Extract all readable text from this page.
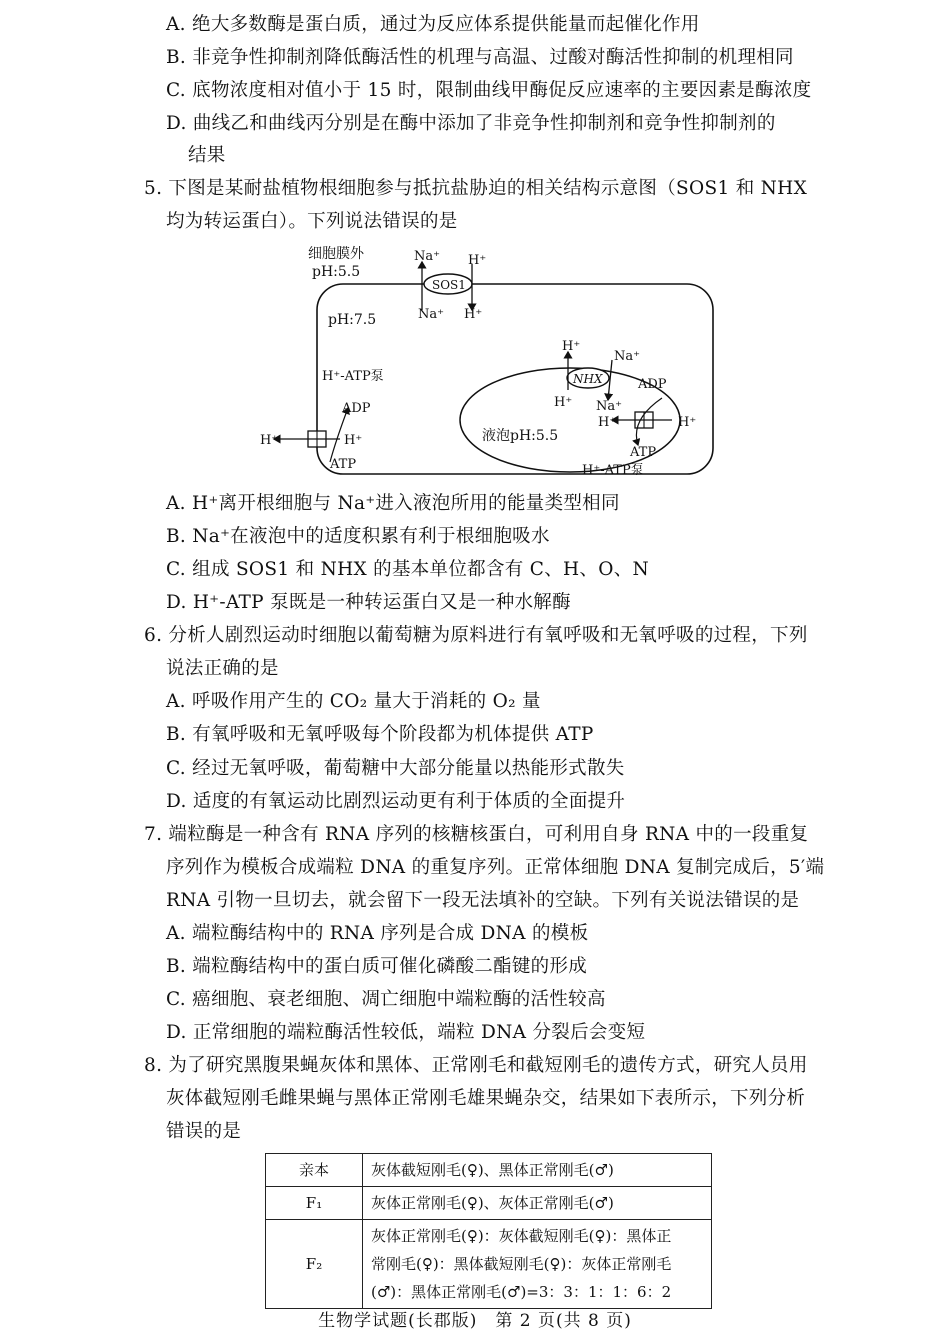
A. 绝大多数酶是蛋白质，通过为反应体系提供能量而起催化作用
B. 非竞争性抑制剂降低酶活性的机理与高温、过酸对酶活性抑制的机理相同
C. 底物浓度相对值小于 15 时，限制曲线甲酶促反应速率的主要因素是酶浓度
D. 曲线乙和曲线丙分别是在酶中添加了非竞争性抑制剂和竞争性抑制剂的
结果
5. 下图是某耐盐植物根细胞参与抵抗盐胁迫的相关结构示意图（SOS1 和 NHX
均为转运蛋白）。下列说法错误的是
细胞膜外
pH:5.5
pH:7.5
SOS1
Na⁺ H⁺
Na⁺ H⁺
液泡pH:5.5
NHX
H⁺
Na⁺
H⁺ Na⁺
H⁺	H⁺
H⁺-ATP泵
ADP
ATP
H⁺
H⁺
ADP
ATP
H⁺-ATP泵
A. H⁺离开根细胞与 Na⁺进入液泡所用的能量类型相同
B. Na⁺在液泡中的适度积累有利于根细胞吸水
C. 组成 SOS1 和 NHX 的基本单位都含有 C、H、O、N
D. H⁺-ATP 泵既是一种转运蛋白又是一种水解酶
6. 分析人剧烈运动时细胞以葡萄糖为原料进行有氧呼吸和无氧呼吸的过程，下列
说法正确的是
A. 呼吸作用产生的 CO₂ 量大于消耗的 O₂ 量
B. 有氧呼吸和无氧呼吸每个阶段都为机体提供 ATP
C. 经过无氧呼吸，葡萄糖中大部分能量以热能形式散失
D. 适度的有氧运动比剧烈运动更有利于体质的全面提升
7. 端粒酶是一种含有 RNA 序列的核糖核蛋白，可利用自身 RNA 中的一段重复
序列作为模板合成端粒 DNA 的重复序列。正常体细胞 DNA 复制完成后，5′端
RNA 引物一旦切去，就会留下一段无法填补的空缺。下列有关说法错误的是
A. 端粒酶结构中的 RNA 序列是合成 DNA 的模板
B. 端粒酶结构中的蛋白质可催化磷酸二酯键的形成
C. 癌细胞、衰老细胞、凋亡细胞中端粒酶的活性较高
D. 正常细胞的端粒酶活性较低，端粒 DNA 分裂后会变短
8. 为了研究黑腹果蝇灰体和黑体、正常刚毛和截短刚毛的遗传方式，研究人员用
灰体截短刚毛雌果蝇与黑体正常刚毛雄果蝇杂交，结果如下表所示，下列分析
错误的是
亲本	灰体截短刚毛(♀)、黑体正常刚毛(♂)
F₁	灰体正常刚毛(♀)、灰体正常刚毛(♂)
F₂	灰体正常刚毛(♀)：灰体截短刚毛(♀)：黑体正
常刚毛(♀)：黑体截短刚毛(♀)：灰体正常刚毛
(♂)：黑体正常刚毛(♂)=3：3：1：1：6：2
生物学试题(长郡版)　第 2 页(共 8 页)
